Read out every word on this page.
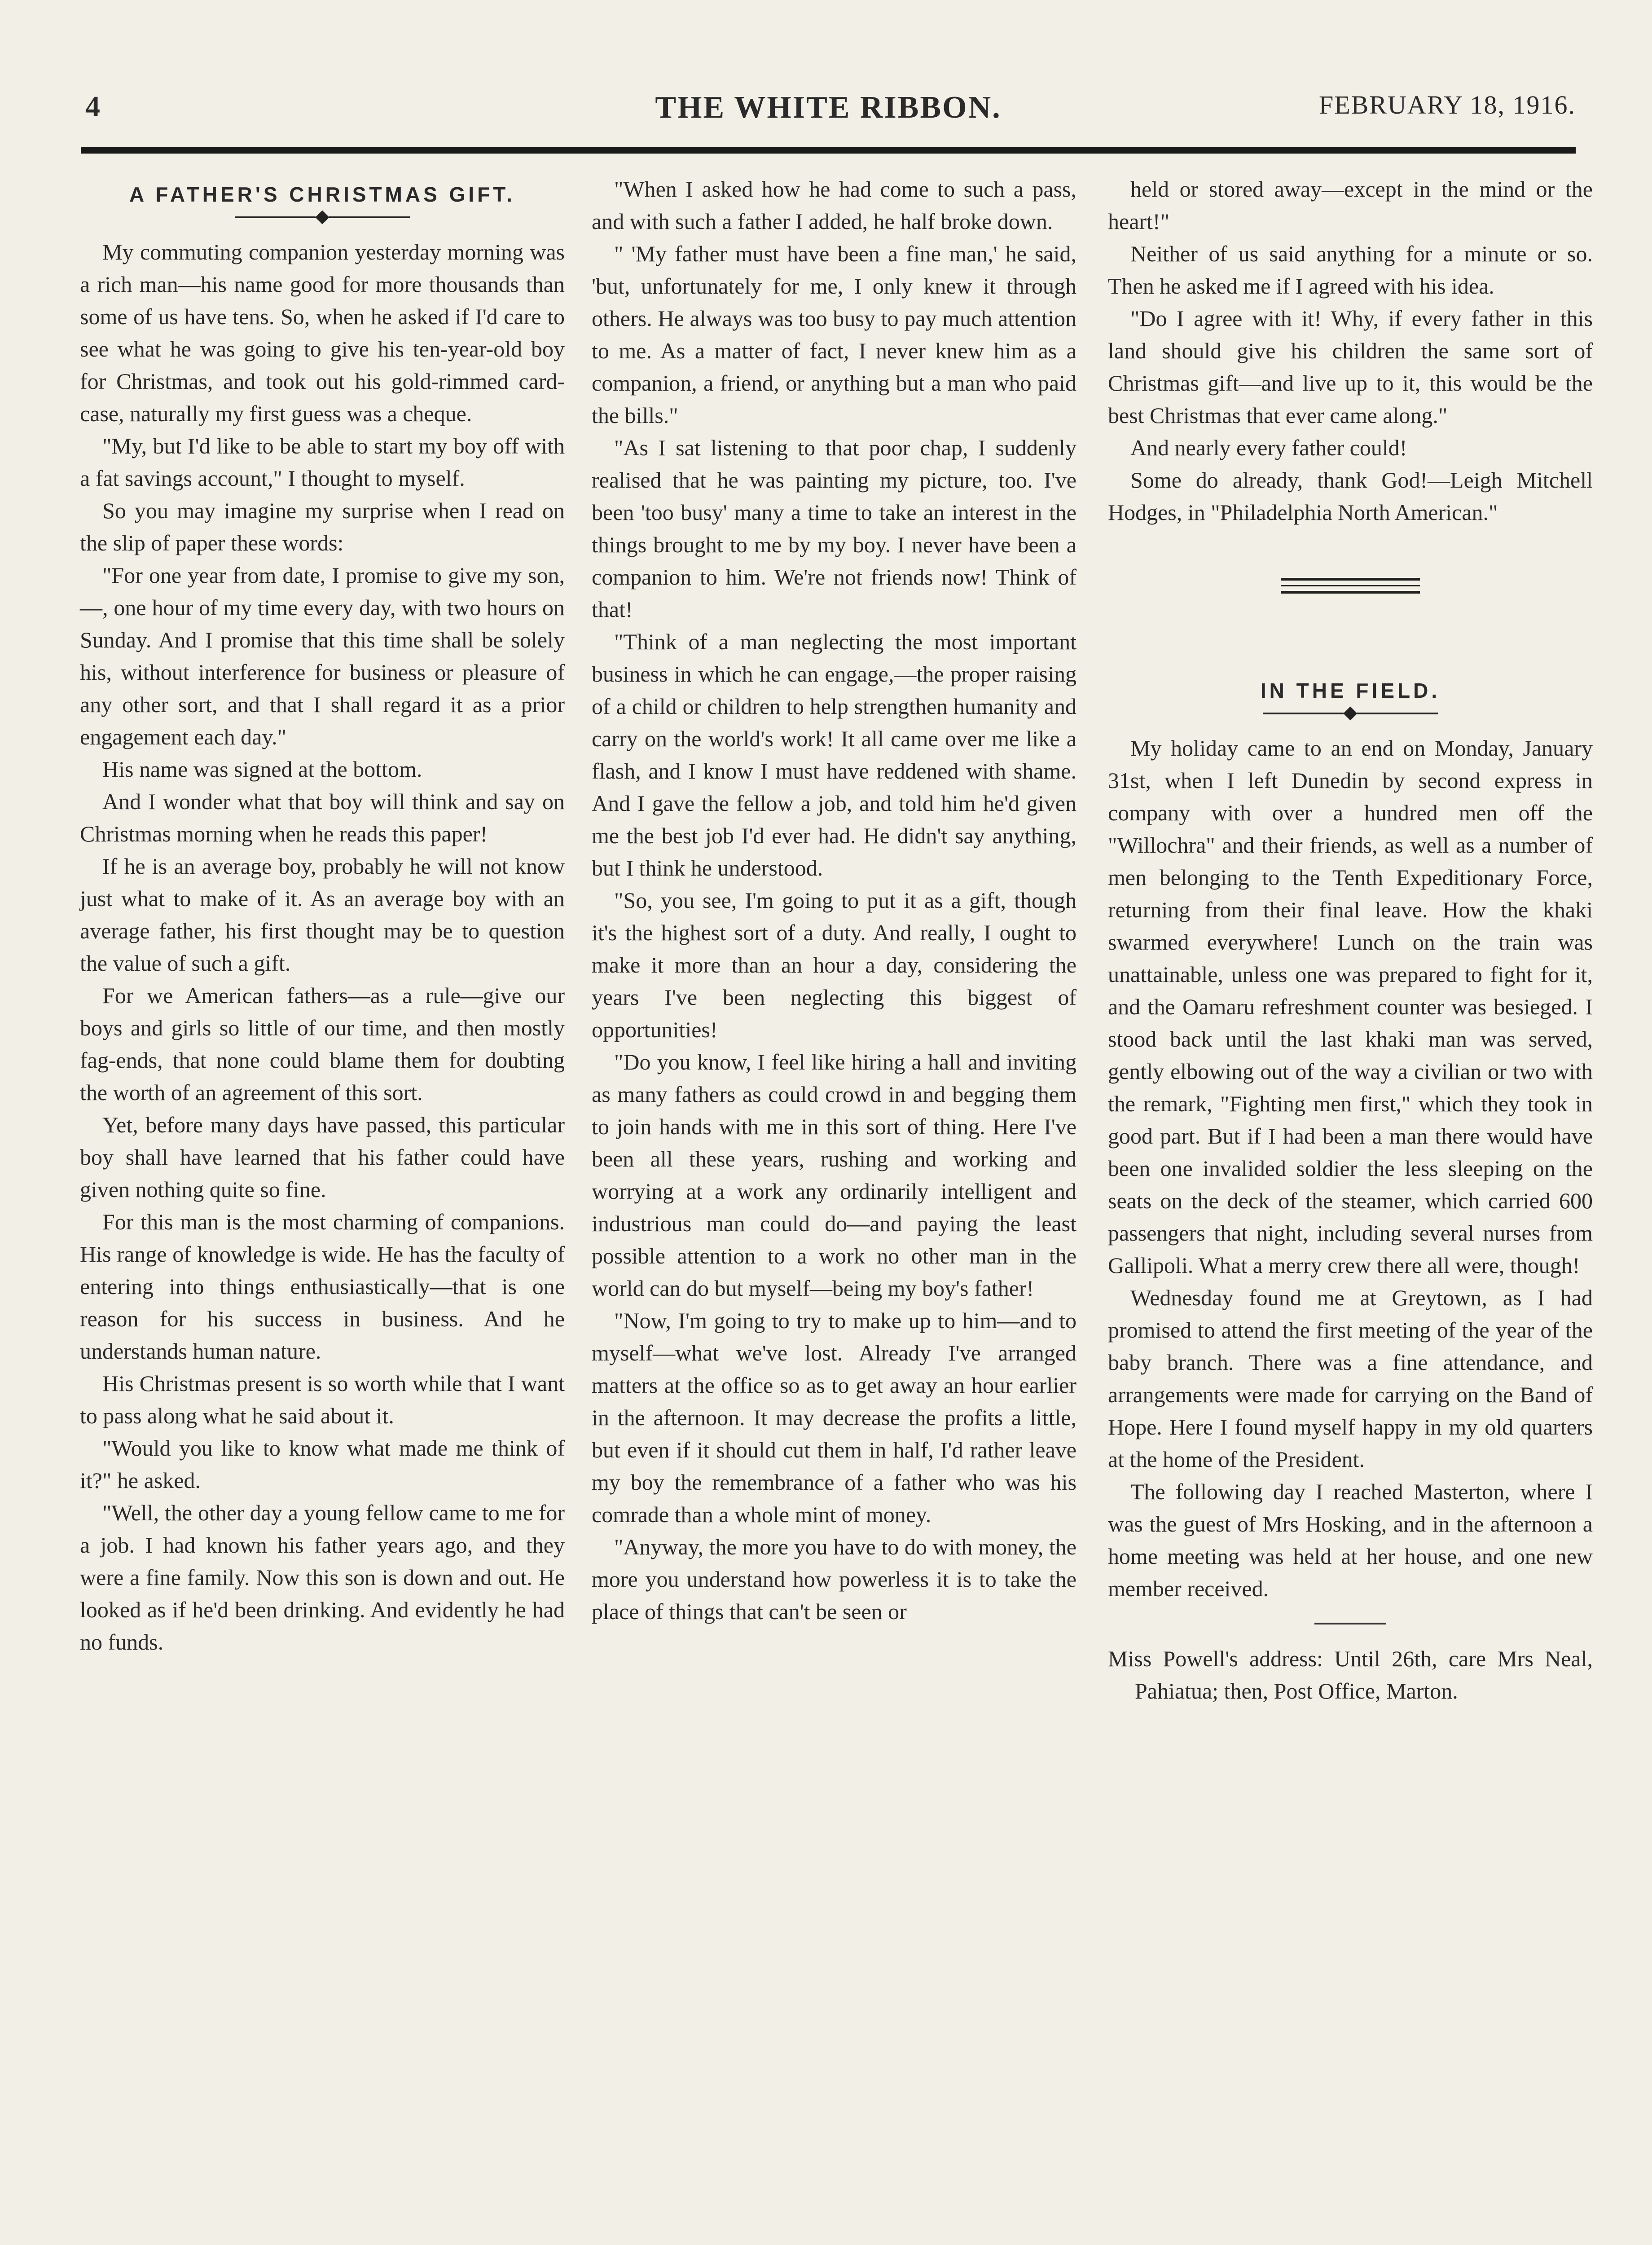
4	THE WHITE RIBBON.	FEBRUARY 18, 1916.
A FATHER'S CHRISTMAS GIFT.

My commuting companion yesterday morning was a rich man—his name good for more thousands than some of us have tens. So, when he asked if I'd care to see what he was going to give his ten-year-old boy for Christmas, and took out his gold-rimmed card-case, naturally my first guess was a cheque.

"My, but I'd like to be able to start my boy off with a fat savings account," I thought to myself.

So you may imagine my surprise when I read on the slip of paper these words:

"For one year from date, I promise to give my son, —, one hour of my time every day, with two hours on Sunday. And I promise that this time shall be solely his, without interference for business or pleasure of any other sort, and that I shall regard it as a prior engagement each day."

His name was signed at the bottom.

And I wonder what that boy will think and say on Christmas morning when he reads this paper!

If he is an average boy, probably he will not know just what to make of it. As an average boy with an average father, his first thought may be to question the value of such a gift.

For we American fathers—as a rule—give our boys and girls so little of our time, and then mostly fag-ends, that none could blame them for doubting the worth of an agreement of this sort.

Yet, before many days have passed, this particular boy shall have learned that his father could have given nothing quite so fine.

For this man is the most charming of companions. His range of knowledge is wide. He has the faculty of entering into things enthusiastically—that is one reason for his success in business. And he understands human nature.

His Christmas present is so worth while that I want to pass along what he said about it.

"Would you like to know what made me think of it?" he asked.

"Well, the other day a young fellow came to me for a job. I had known his father years ago, and they were a fine family. Now this son is down and out. He looked as if he'd been drinking. And evidently he had no funds.

"When I asked how he had come to such a pass, and with such a father I added, he half broke down.

" 'My father must have been a fine man,' he said, 'but, unfortunately for me, I only knew it through others. He always was too busy to pay much attention to me. As a matter of fact, I never knew him as a companion, a friend, or anything but a man who paid the bills."

"As I sat listening to that poor chap, I suddenly realised that he was painting my picture, too. I've been 'too busy' many a time to take an interest in the things brought to me by my boy. I never have been a companion to him. We're not friends now! Think of that!

"Think of a man neglecting the most important business in which he can engage,—the proper raising of a child or children to help strengthen humanity and carry on the world's work! It all came over me like a flash, and I know I must have reddened with shame. And I gave the fellow a job, and told him he'd given me the best job I'd ever had. He didn't say anything, but I think he understood.

"So, you see, I'm going to put it as a gift, though it's the highest sort of a duty. And really, I ought to make it more than an hour a day, considering the years I've been neglecting this biggest of opportunities!

"Do you know, I feel like hiring a hall and inviting as many fathers as could crowd in and begging them to join hands with me in this sort of thing. Here I've been all these years, rushing and working and worrying at a work any ordinarily intelligent and industrious man could do—and paying the least possible attention to a work no other man in the world can do but myself—being my boy's father!

"Now, I'm going to try to make up to him—and to myself—what we've lost. Already I've arranged matters at the office so as to get away an hour earlier in the afternoon. It may decrease the profits a little, but even if it should cut them in half, I'd rather leave my boy the remembrance of a father who was his comrade than a whole mint of money.

"Anyway, the more you have to do with money, the more you understand how powerless it is to take the place of things that can't be seen or

held or stored away—except in the mind or the heart!"

Neither of us said anything for a minute or so. Then he asked me if I agreed with his idea.

"Do I agree with it! Why, if every father in this land should give his children the same sort of Christmas gift—and live up to it, this would be the best Christmas that ever came along."

And nearly every father could!

Some do already, thank God!—Leigh Mitchell Hodges, in "Philadelphia North American."

IN THE FIELD.

My holiday came to an end on Monday, January 31st, when I left Dunedin by second express in company with over a hundred men off the "Willochra" and their friends, as well as a number of men belonging to the Tenth Expeditionary Force, returning from their final leave. How the khaki swarmed everywhere! Lunch on the train was unattainable, unless one was prepared to fight for it, and the Oamaru refreshment counter was besieged. I stood back until the last khaki man was served, gently elbowing out of the way a civilian or two with the remark, "Fighting men first," which they took in good part. But if I had been a man there would have been one invalided soldier the less sleeping on the seats on the deck of the steamer, which carried 600 passengers that night, including several nurses from Gallipoli. What a merry crew there all were, though!

Wednesday found me at Greytown, as I had promised to attend the first meeting of the year of the baby branch. There was a fine attendance, and arrangements were made for carrying on the Band of Hope. Here I found myself happy in my old quarters at the home of the President.

The following day I reached Masterton, where I was the guest of Mrs Hosking, and in the afternoon a home meeting was held at her house, and one new member received.

Miss Powell's address: Until 26th, care Mrs Neal, Pahiatua; then, Post Office, Marton.
